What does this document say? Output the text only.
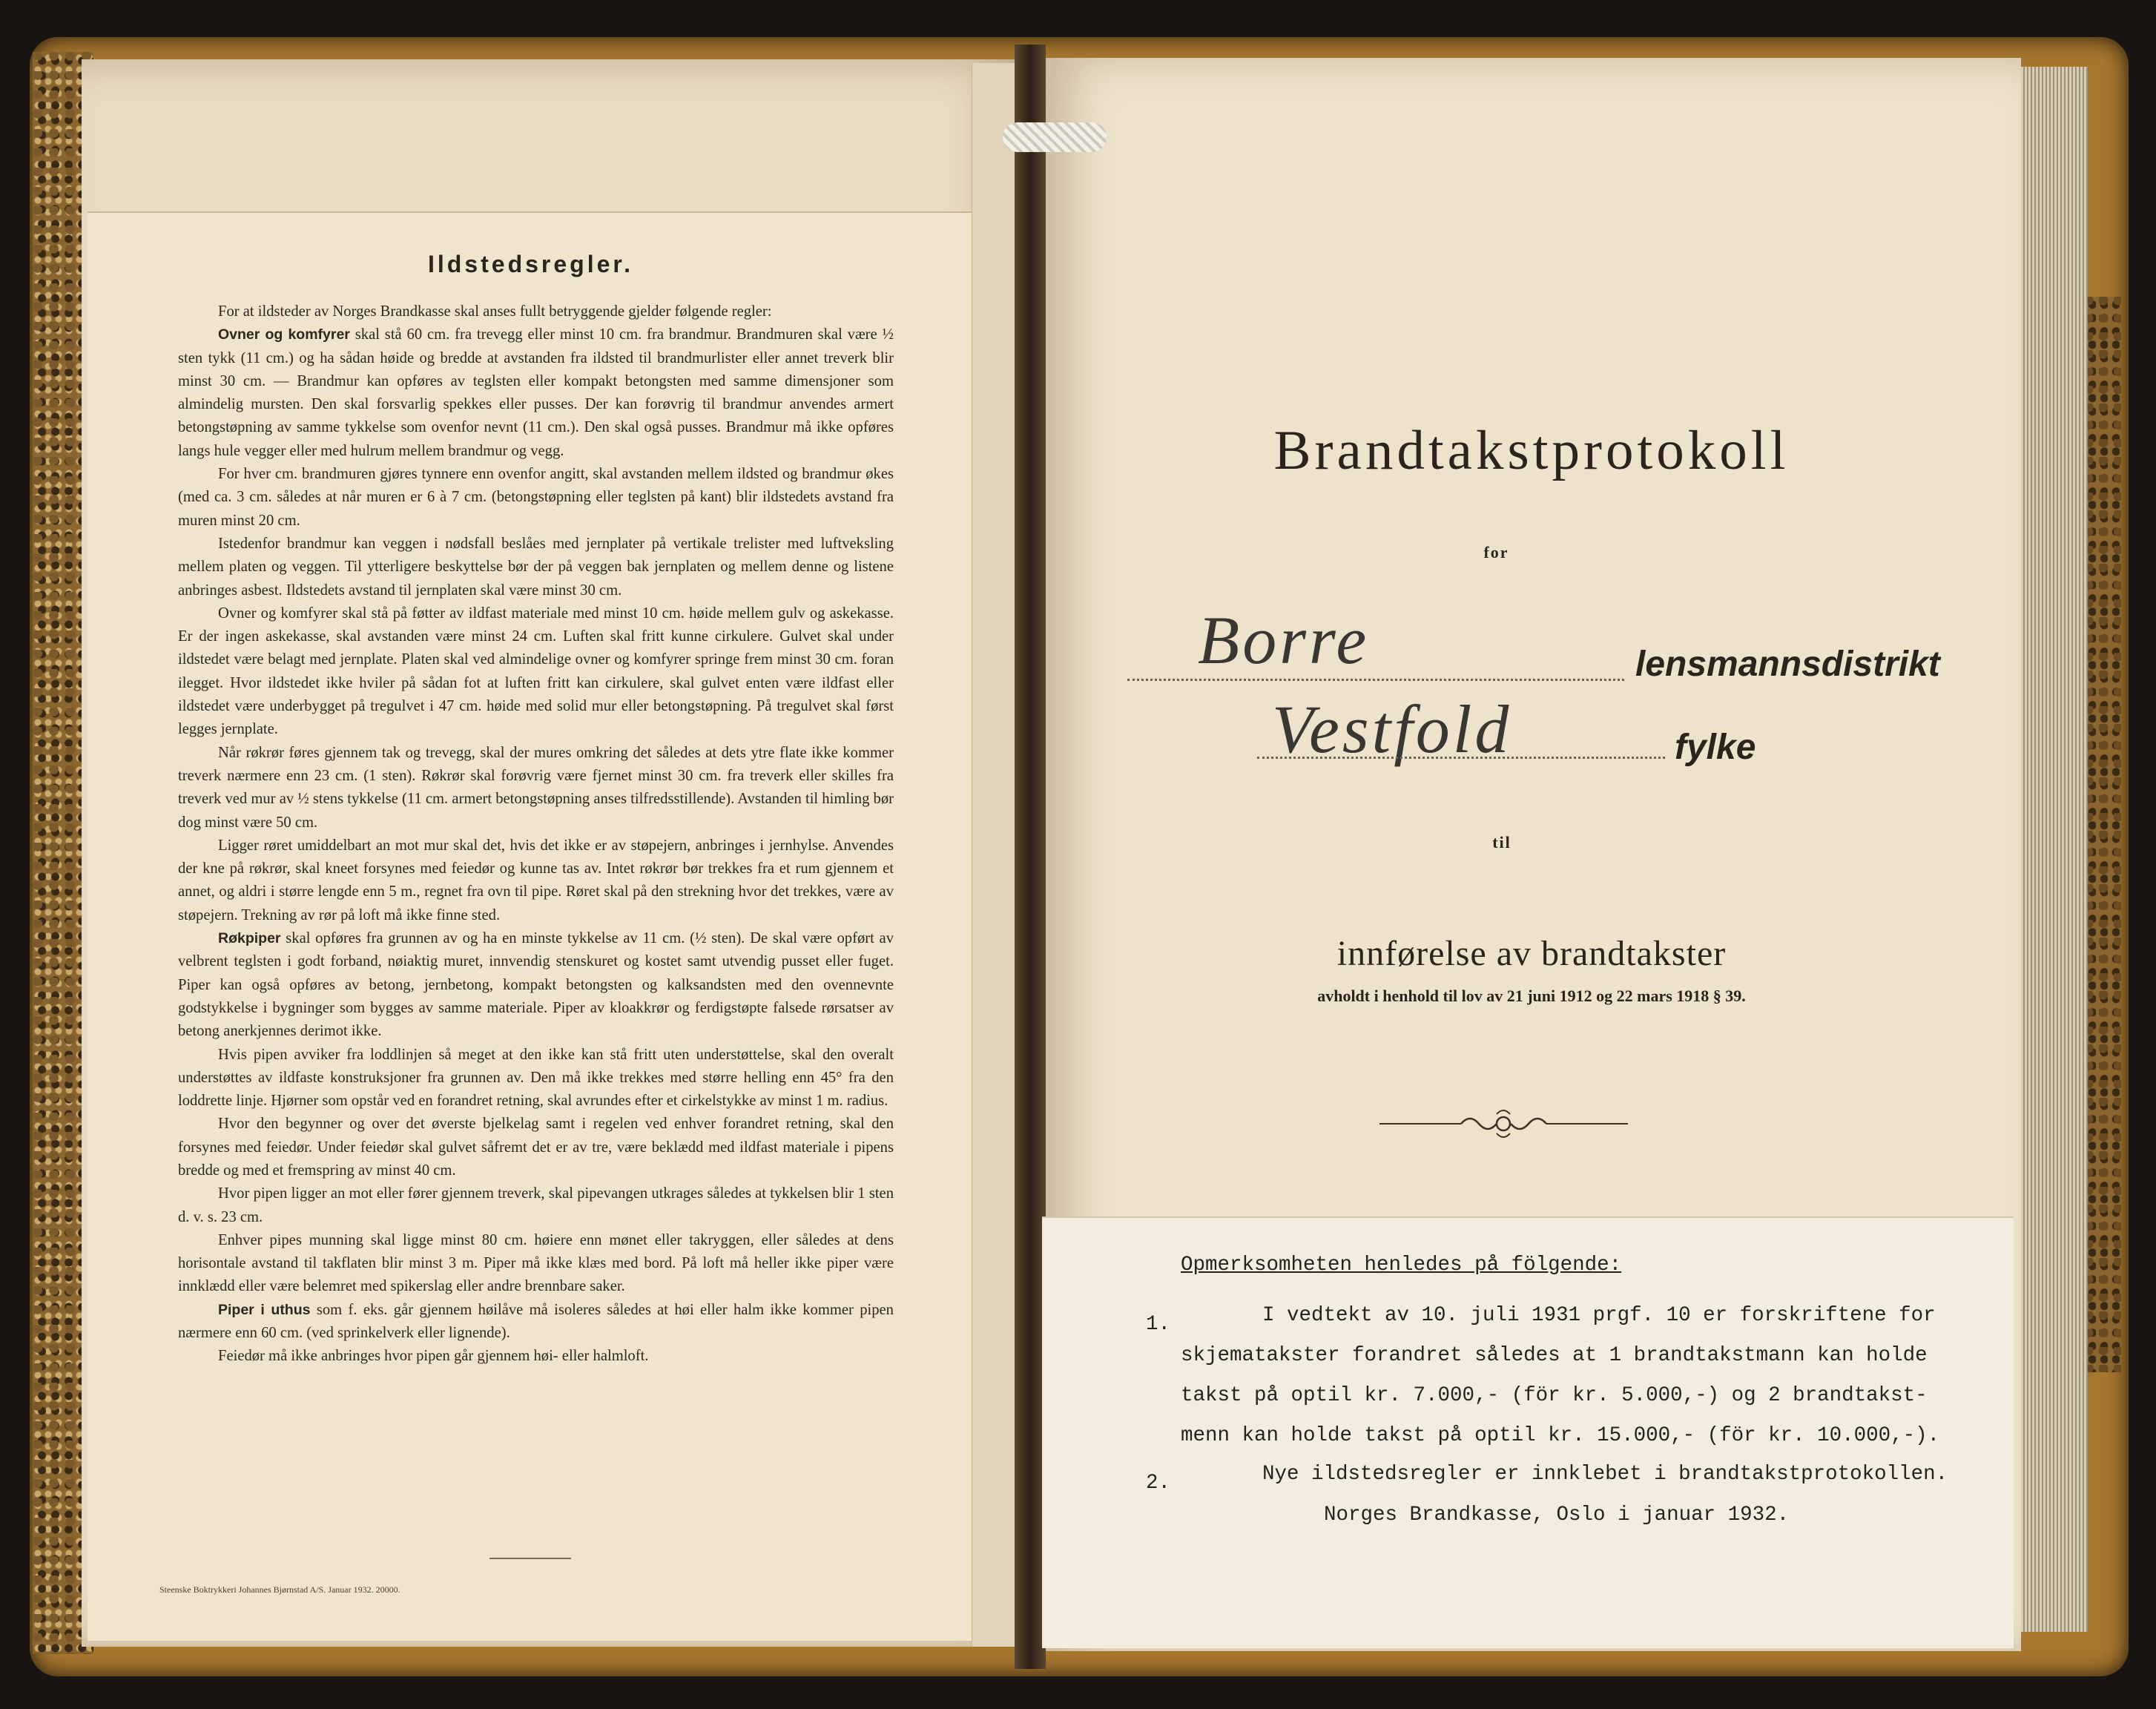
Ildstedsregler.

For at ildsteder av Norges Brandkasse skal anses fullt betryggende gjelder følgende regler:

Ovner og komfyrer skal stå 60 cm. fra trevegg eller minst 10 cm. fra brandmur. Brandmuren skal være ½ sten tykk (11 cm.) og ha sådan høide og bredde at avstanden fra ildsted til brandmurlister eller annet treverk blir minst 30 cm. — Brandmur kan opføres av teglsten eller kompakt betongsten med samme dimensjoner som almindelig mursten. Den skal forsvarlig spekkes eller pusses. Der kan forøvrig til brandmur anvendes armert betongstøpning av samme tykkelse som ovenfor nevnt (11 cm.). Den skal også pusses. Brandmur må ikke opføres langs hule vegger eller med hulrum mellem brandmur og vegg.

For hver cm. brandmuren gjøres tynnere enn ovenfor angitt, skal avstanden mellem ildsted og brandmur økes (med ca. 3 cm. således at når muren er 6 à 7 cm. (betongstøpning eller teglsten på kant) blir ildstedets avstand fra muren minst 20 cm.

Istedenfor brandmur kan veggen i nødsfall beslåes med jernplater på vertikale trelister med luftveksling mellem platen og veggen. Til ytterligere beskyttelse bør der på veggen bak jernplaten og mellem denne og listene anbringes asbest. Ildstedets avstand til jernplaten skal være minst 30 cm.

Ovner og komfyrer skal stå på føtter av ildfast materiale med minst 10 cm. høide mellem gulv og askekasse. Er der ingen askekasse, skal avstanden være minst 24 cm. Luften skal fritt kunne cirkulere. Gulvet skal under ildstedet være belagt med jernplate. Platen skal ved almindelige ovner og komfyrer springe frem minst 30 cm. foran ilegget. Hvor ildstedet ikke hviler på sådan fot at luften fritt kan cirkulere, skal gulvet enten være ildfast eller ildstedet være underbygget på tregulvet i 47 cm. høide med solid mur eller betongstøpning. På tregulvet skal først legges jernplate.

Når røkrør føres gjennem tak og trevegg, skal der mures omkring det således at dets ytre flate ikke kommer treverk nærmere enn 23 cm. (1 sten). Røkrør skal forøvrig være fjernet minst 30 cm. fra treverk eller skilles fra treverk ved mur av ½ stens tykkelse (11 cm. armert betongstøpning anses tilfredsstillende). Avstanden til himling bør dog minst være 50 cm.

Ligger røret umiddelbart an mot mur skal det, hvis det ikke er av støpejern, anbringes i jernhylse. Anvendes der kne på røkrør, skal kneet forsynes med feiedør og kunne tas av. Intet røkrør bør trekkes fra et rum gjennem et annet, og aldri i større lengde enn 5 m., regnet fra ovn til pipe. Røret skal på den strekning hvor det trekkes, være av støpejern. Trekning av rør på loft må ikke finne sted.

Røkpiper skal opføres fra grunnen av og ha en minste tykkelse av 11 cm. (½ sten). De skal være opført av velbrent teglsten i godt forband, nøiaktig muret, innvendig stenskuret og kostet samt utvendig pusset eller fuget. Piper kan også opføres av betong, jernbetong, kompakt betongsten og kalksandsten med den ovennevnte godstykkelse i bygninger som bygges av samme materiale. Piper av kloakkrør og ferdigstøpte falsede rørsatser av betong anerkjennes derimot ikke.

Hvis pipen avviker fra loddlinjen så meget at den ikke kan stå fritt uten understøttelse, skal den overalt understøttes av ildfaste konstruksjoner fra grunnen av. Den må ikke trekkes med større helling enn 45° fra den loddrette linje. Hjørner som opstår ved en forandret retning, skal avrundes efter et cirkelstykke av minst 1 m. radius.

Hvor den begynner og over det øverste bjelkelag samt i regelen ved enhver forandret retning, skal den forsynes med feiedør. Under feiedør skal gulvet såfremt det er av tre, være beklædd med ildfast materiale i pipens bredde og med et fremspring av minst 40 cm.

Hvor pipen ligger an mot eller fører gjennem treverk, skal pipevangen utkrages således at tykkelsen blir 1 sten d. v. s. 23 cm.

Enhver pipes munning skal ligge minst 80 cm. høiere enn mønet eller takryggen, eller således at dens horisontale avstand til takflaten blir minst 3 m. Piper må ikke klæs med bord. På loft må heller ikke piper være innklædd eller være belemret med spikerslag eller andre brennbare saker.

Piper i uthus som f. eks. går gjennem høilåve må isoleres således at høi eller halm ikke kommer pipen nærmere enn 60 cm. (ved sprinkelverk eller lignende).

Feiedør må ikke anbringes hvor pipen går gjennem høi- eller halmloft.

Steenske Boktrykkeri Johannes Bjørnstad A/S. Januar 1932. 20000.
Brandtakstprotokoll
for
Borre	lensmannsdistrikt
Vestfold	fylke
til
innførelse av brandtakster
avholdt i henhold til lov av 21 juni 1912 og 22 mars 1918 § 39.
Opmerksomheten henledes på fölgende:
1.	I vedtekt av 10. juli 1931 prgf. 10 er forskriftene for
skjematakster forandret således at 1 brandtakstmann kan holde
takst på optil kr. 7.000,- (för kr. 5.000,-) og 2 brandtakst-
menn kan holde takst på optil kr. 15.000,- (för kr. 10.000,-).
2.	Nye ildstedsregler er innklebet i brandtakstprotokollen.
Norges Brandkasse, Oslo i januar 1932.
